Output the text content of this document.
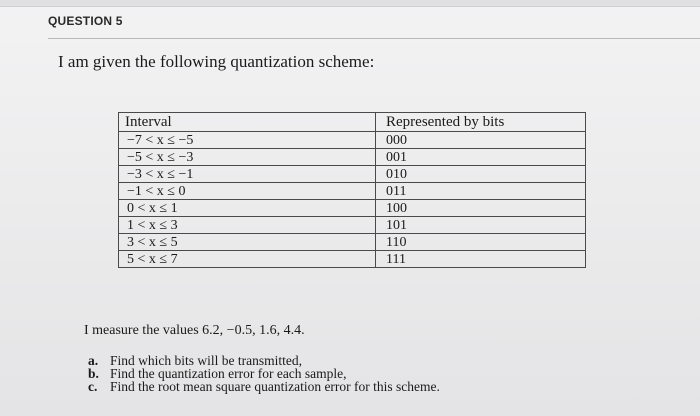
QUESTION 5
I am given the following quantization scheme:
Interval	Represented by bits
−7 < x ≤ −5	000
−5 < x ≤ −3	001
−3 < x ≤ −1	010
−1 < x ≤ 0	011
0 < x ≤ 1	100
1 < x ≤ 3	101
3 < x ≤ 5	110
5 < x ≤ 7	111
I measure the values 6.2, −0.5, 1.6, 4.4.
a. Find which bits will be transmitted,
b. Find the quantization error for each sample,
c. Find the root mean square quantization error for this scheme.
